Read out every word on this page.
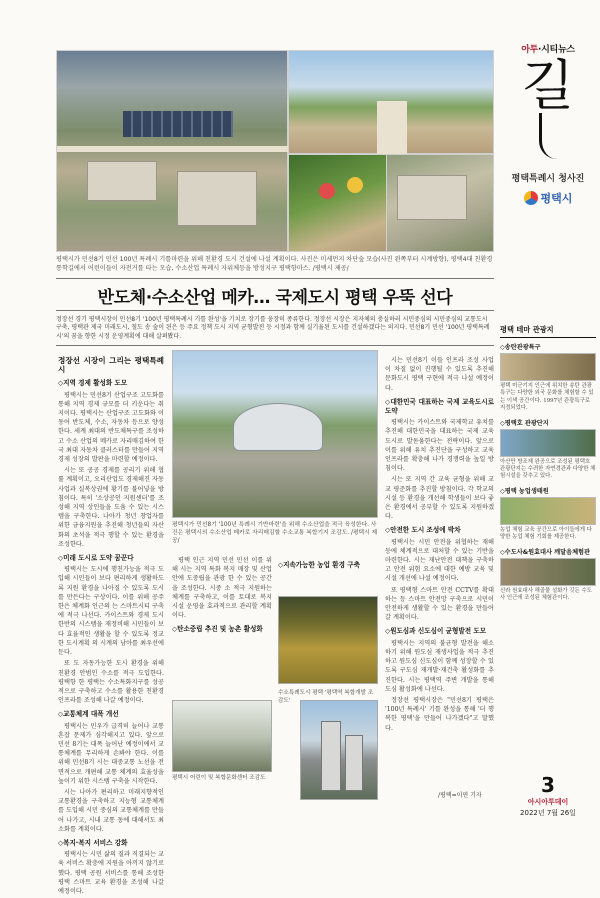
아투·시티뉴스
길
평택특례시 청사진
평택시
평택시가 민선8기 민선 100년 특례시 기틀마련을 위해 친환경 도시 건설에 나설 계획이다. 사진은 미세먼지 차단숲 모습(사진 왼쪽부터 시계방향), 평택4대 친환경통학길에서 어린이들이 자전거를 타는 모습, 수소산업 특례시 자위체등을 방성지구 평택항마스. /평택시 제공/
반도체·수소산업 메카… 국제도시 평택 우뚝 선다
정장선 경기 평택시장이 민선8기 '100년 평택특례시 기틀 완성'을 기치로 장기를 웅장히 종류한다. 정장선 시장은 지자체의 충실하러 시민중심의 시민중심의 교통도시 구축, 평택관 제국 미래도시, 철도 송 숲이 된은 등 주요 정책 도시 지역 균형발전 등 시정과 함께 실기율된 도시를 건설하겠다는 의지다. 민선8기 민선 '100년 평택특례시'의 꿈을 향한 시정 운영계획에 대해 살펴봤다.
정장선 시장이 그리는 평택특례시
◇지역 경제 활성화 도모

평택시는 민선8기 산업구조 고도화를 통해 지역 경제 규모를 더 키운다는 취지이다. 평택시는 산업구조 고도화와 이동어 반도체, 수소, 자동차 등으로 양성한다. 세계 최대의 반도체특구를 조성하고 수소 산업의 메카로 자리매김하여 한국 최대 자동차 클러스터를 만들어 지역 경제 성장의 발판을 마련할 예정이다.

시는 또 공공 경제를 공리기 위해 협률 계획이고, 오리산업도 경제해진 자동사업과 실복상권에 황기를 불어넣을 방침이다. 특히 '소상공인 지원센터'를 조성해 지역 상인들을 도움 수 있는 시스템을 구축한다. 나아가 청년 창업자를 위한 금융지원을 추진해 청년들의 자산화의 초석을 적극 행할 수 있는 환경을 조성한다.

◇미래 도시로 도약 꿈꾼다

평택시는 도시에 행친가능을 적극 도입해 시민들이 보다 편리하게 생활하도록 지원 환경을 나아질 수 있도록 도시를 만든다는 구상이다. 이를 위해 공주한은 체계화 인근의 는 스마트시티 구축에 적극 나선다. 카이스트와 경제 도시 한반의 시스템을 재정비해 시민들이 보다 효율적인 생활을 할 수 있도록 정교한 도시계획 의 시계의 남아를 최우선에 둔다.

또 도 자동가능한 도시 환경을 위해 친환경 안범인 수소를 적극 도입한다. 평택항 한 평택는 수소특화지구를 성공적으로 구축하고 수소를 활용한 친환경 인프라를 조성해 나갈 예정이다.

◇교통체계 대폭 개선

평택시는 민우가 급격히 늘어나 교통 혼잡 문제가 심각해지고 있다. 앞으로 민선 8기는 대폭 늘어난 예정이에서 교통체계를 무리하게 손봐야 한다. 이를 위해 민선8기 시는 대중교통 노선을 전면적으로 개편해 교통 체계의 효율성을 높이기 위한 시스템 구축을 시작한다.

시는 나아가 편리하고 미래지향적인 교통환경을 구축하고 지능형 교통체계를 도입해 시민 중심의 교통체계를 만들어 나가고, 시내 교통 동에 대해서도 최소화를 계획이다.

◇복지·복지 서비스 강화

평택시는 시민 삶의 질과 직결되는 교육 서비스 확충에 지원을 아끼지 않기로 했다. 평택 공원 서비스를 통해 조성한 평택 스마트 교육 환경을 조성해 나갈 예정이다.

평택시가 민선8기 '100년 특례시 기반마련'을 위해 수소산업을 적극 육성한다. 사진은 평택시의 수소산업 메카로 자리매김할 수소교통 복합기지 조감도. /평택시 제공/

평택 인근 지역 민선 민선 이를 위해 시는 지역 특화 복지 매장 및 산업 안에 도중립을 관광 한 수 있는 공간을 조성한다. 시중 소 적극 지원하는 체계를 구축하고, 이를 토대로 복지 시설 운영을 효과적으로 관리할 계획이다.

◇탄소중립 추진 및 농촌 활성화
평택시 어린이 및 복합문화센터 조감도
◇지속가능한 농업 환경 구축
수소특례도시 평택 '평택역 복합개발 조감도'

시는 민선8기 이들 인프라 조성 사업이 차질 없이 진행될 수 있도록 추진해 문화도시 평택 구현에 적극 나설 예정이다.

◇대한민국 대표하는 국제 교육도시로 도약

평택시는 카이스트와 국제학교 유치를 추진해 대한민국을 대표하는 국제 교육도시로 발돋움한다는 전략이다. 앞으로 이를 위해 유치 추진단을 구성하고 교육 인프라를 확충해 나가 경쟁력을 높일 방침이다.

시는 또 지역 간 교육 균형을 위해 교교 평준화를 추진할 방침이다. 각 학교의 시설 등 환경을 개선해 학생들이 보다 좋은 환경에서 공부할 수 있도록 지원하겠다.

◇안전한 도시 조성에 박차

평택시는 시민 안전을 위협하는 재해 등에 체계적으로 대처할 수 있는 기반을 마련한다. 시는 재난안전 대책을 구축하고 안전 위험 요소에 대한 예방 교육 및 시설 개선에 나설 예정이다.

또 평택형 스마트 안전 CCTV를 확대하는 등 스마트 안전망 구축으로 시민이 안전하게 생활할 수 있는 환경을 만들어갈 계획이다.

◇원도심과 신도심이 균형발전 도모

평택시는 지역의 불균형 발전을 해소하기 위해 원도심 재생사업을 적극 추진하고 원도심 신도심이 함께 성장할 수 있도록 구도심 재개발·재건축 활성화를 추진한다. 시는 평택역 주변 개발을 통해 도심 활성화에 나선다.

정장선 평택시장은 "민선8기 평택은 '100년 특례시' 기틀 완성을 통해 '더 행복한 평택'을 만들어 나가겠다"고 말했다.

/평택=이연 기자
평택 테마 관광지
◇송탄관광특구

평택 미군기지 인근에 위치한 송탄 관광특구는 다양한 외국 문화를 체험할 수 있는 이색 공간이다. 1997년 관광특구로 지정되었다.

◇평택호 관광단지

아산만 방조제 완공으로 조성된 평택호 관광단지는 수려한 자연경관과 다양한 체험시설을 갖추고 있다.

◇평택 농업생태원

농업 체험 교육 공간으로 아이들에게 다양한 농업 체험 기회를 제공한다.

◇수도사&원효대사 깨달음체험관

신라 원효대사 해골물 설화가 깃든 수도사 인근에 조성된 체험관이다.

3
아시아투데이
2022년 7월 26일
